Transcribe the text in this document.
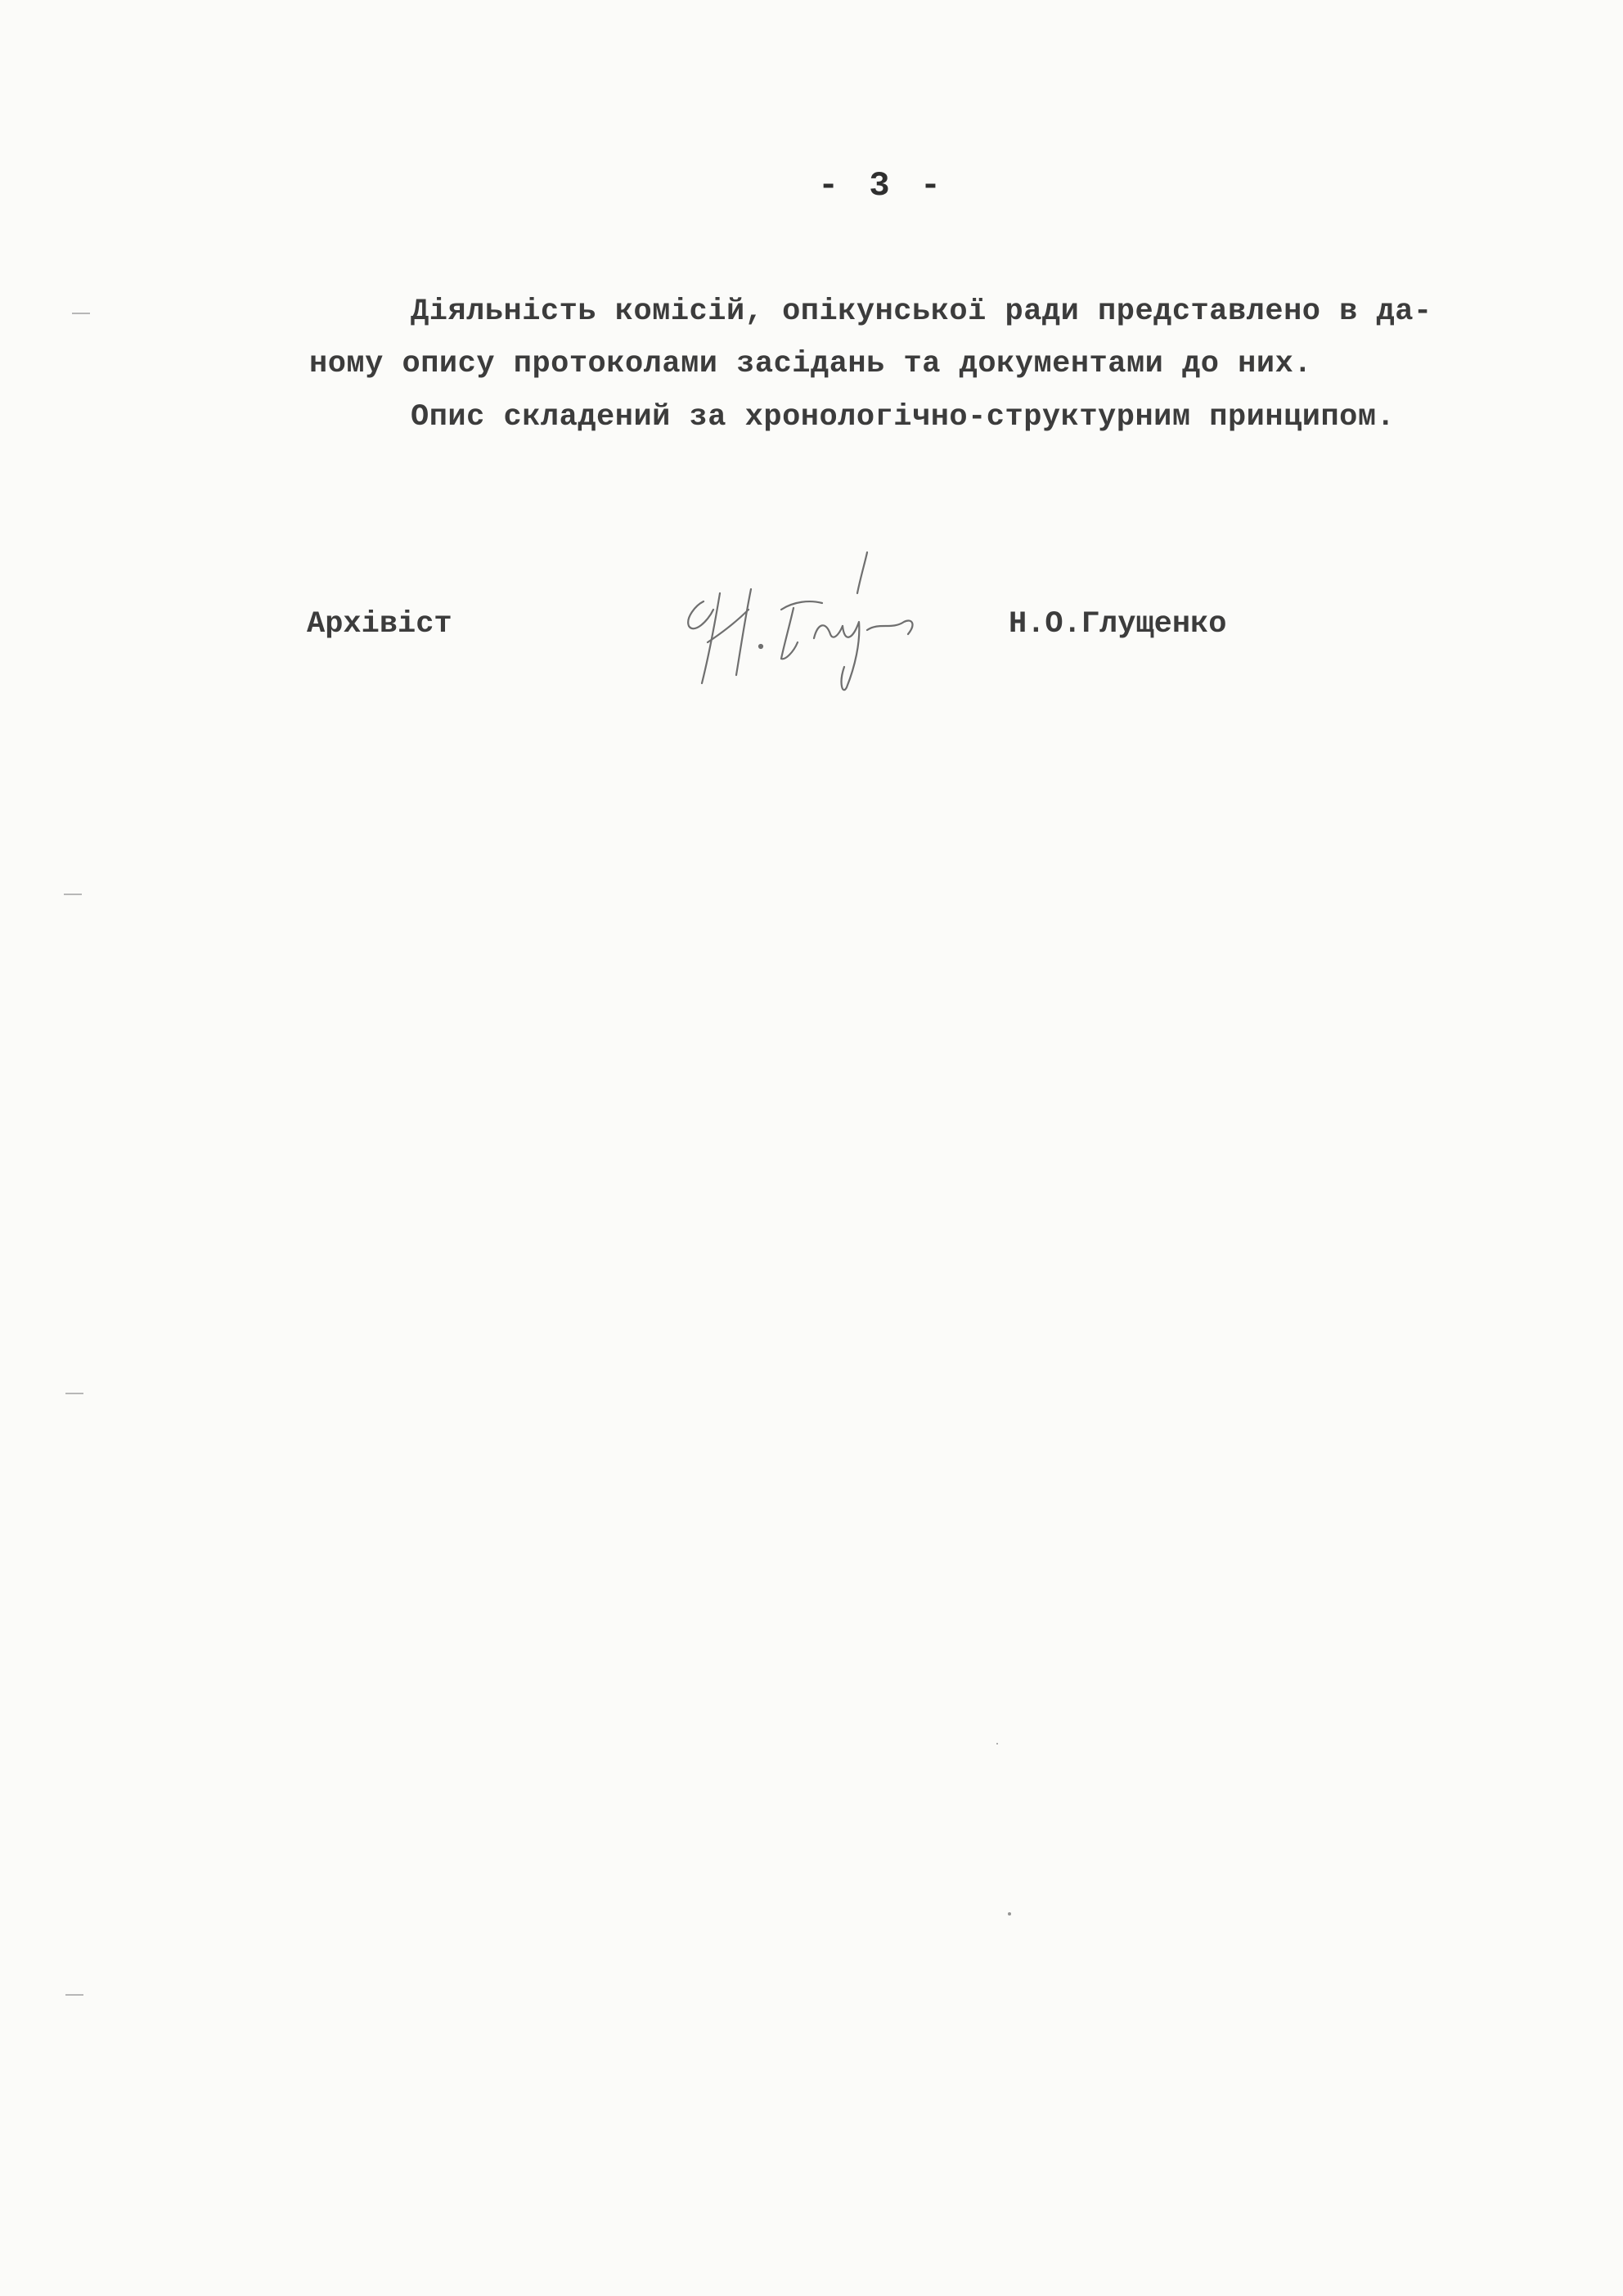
- 3 -
Діяльність комісій, опікунської ради представлено в да-
ному опису протоколами засідань та документами до них.
Опис складений за хронологічно-структурним принципом.
Архівіст	Н.О.Глущенко
